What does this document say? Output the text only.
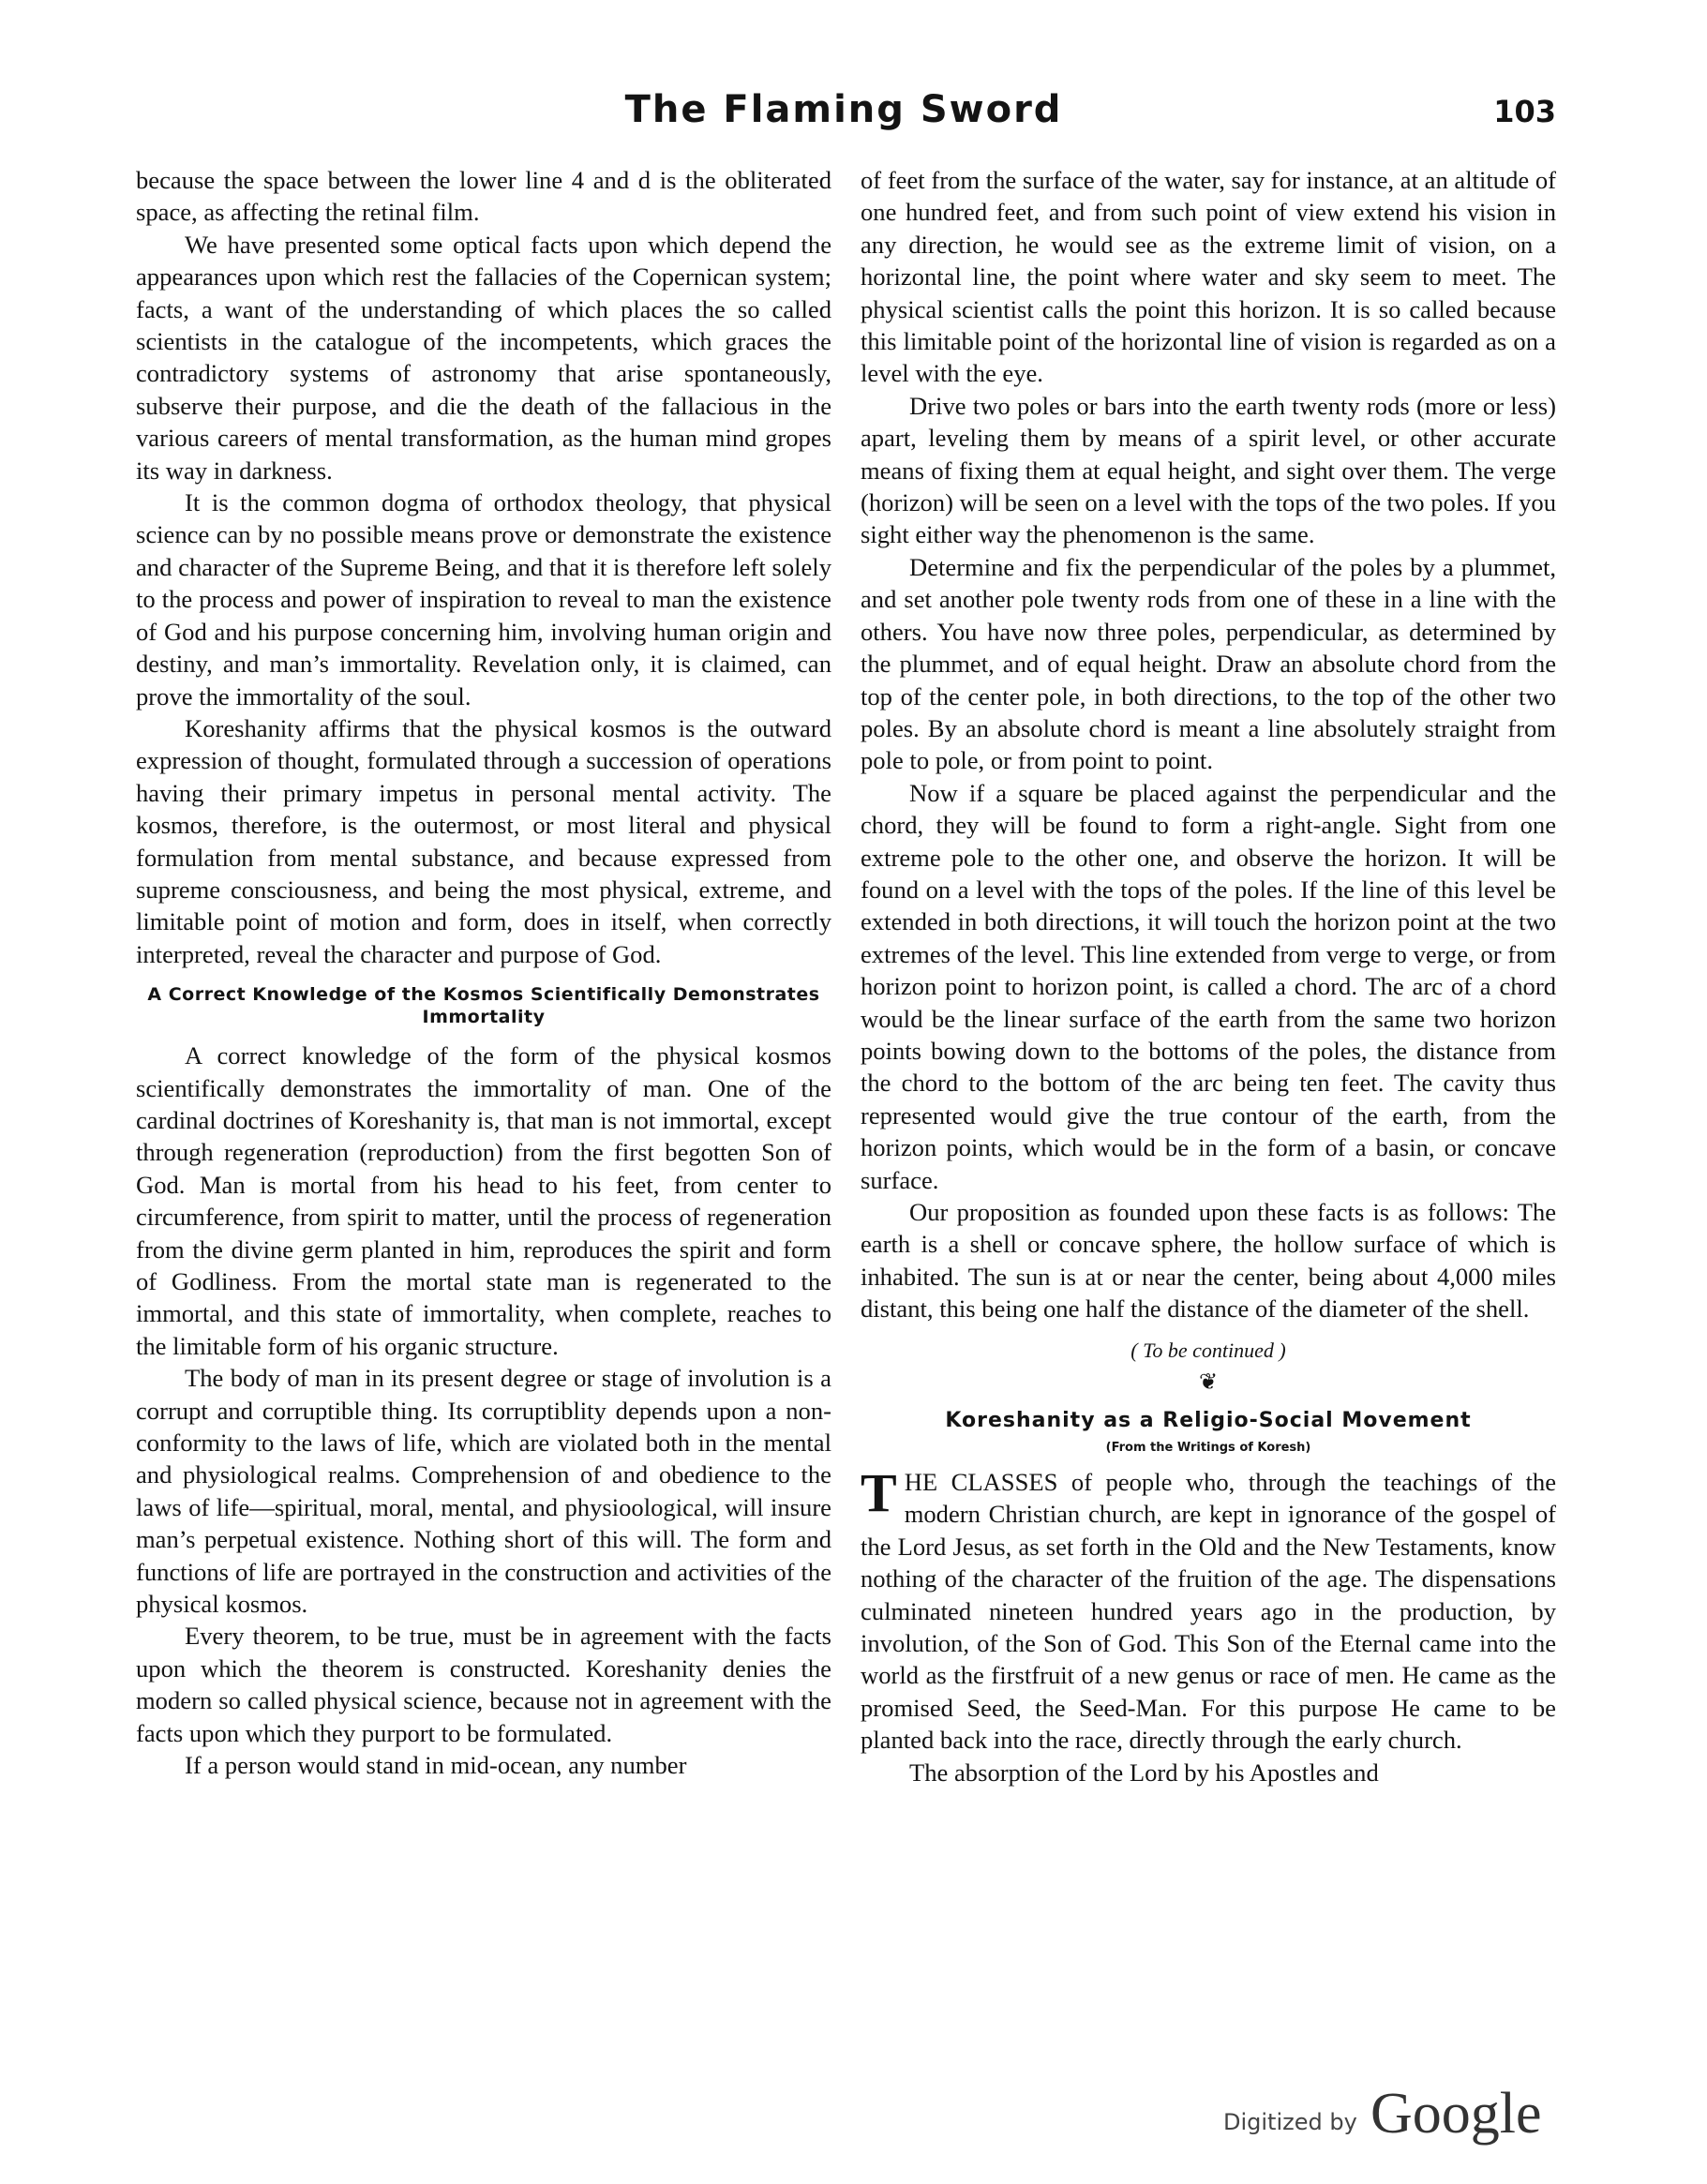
The Flaming Sword	103

because the space between the lower line 4 and d is the obliterated space, as affecting the retinal film.

We have presented some optical facts upon which depend the appearances upon which rest the fallacies of the Copernican system; facts, a want of the understanding of which places the so called scientists in the catalogue of the incompetents, which graces the contradictory systems of astronomy that arise spontaneously, subserve their purpose, and die the death of the fallacious in the various careers of mental transformation, as the human mind gropes its way in darkness.

It is the common dogma of orthodox theology, that physical science can by no possible means prove or demonstrate the existence and character of the Supreme Being, and that it is therefore left solely to the process and power of inspiration to reveal to man the existence of God and his purpose concerning him, involving human origin and destiny, and man’s immortality. Revelation only, it is claimed, can prove the immortality of the soul.

Koreshanity affirms that the physical kosmos is the outward expression of thought, formulated through a succession of operations having their primary impetus in personal mental activity. The kosmos, therefore, is the outermost, or most literal and physical formulation from mental substance, and because expressed from supreme consciousness, and being the most physical, extreme, and limitable point of motion and form, does in itself, when correctly interpreted, reveal the character and purpose of God.

A Correct Knowledge of the Kosmos Scientifically Demonstrates Immortality

A correct knowledge of the form of the physical kosmos scientifically demonstrates the immortality of man. One of the cardinal doctrines of Koreshanity is, that man is not immortal, except through regeneration (reproduction) from the first begotten Son of God. Man is mortal from his head to his feet, from center to circumference, from spirit to matter, until the process of regeneration from the divine germ planted in him, reproduces the spirit and form of Godliness. From the mortal state man is regenerated to the immortal, and this state of immortality, when complete, reaches to the limitable form of his organic structure.

The body of man in its present degree or stage of involution is a corrupt and corruptible thing. Its corruptiblity depends upon a non-conformity to the laws of life, which are violated both in the mental and physiological realms. Comprehension of and obedience to the laws of life—spiritual, moral, mental, and physioological, will insure man’s perpetual existence. Nothing short of this will. The form and functions of life are portrayed in the construction and activities of the physical kosmos.

Every theorem, to be true, must be in agreement with the facts upon which the theorem is constructed. Koreshanity denies the modern so called physical science, because not in agreement with the facts upon which they purport to be formulated.

If a person would stand in mid-ocean, any number

of feet from the surface of the water, say for instance, at an altitude of one hundred feet, and from such point of view extend his vision in any direction, he would see as the extreme limit of vision, on a horizontal line, the point where water and sky seem to meet. The physical scientist calls the point this horizon. It is so called because this limitable point of the horizontal line of vision is regarded as on a level with the eye.

Drive two poles or bars into the earth twenty rods (more or less) apart, leveling them by means of a spirit level, or other accurate means of fixing them at equal height, and sight over them. The verge (horizon) will be seen on a level with the tops of the two poles. If you sight either way the phenomenon is the same.

Determine and fix the perpendicular of the poles by a plummet, and set another pole twenty rods from one of these in a line with the others. You have now three poles, perpendicular, as determined by the plummet, and of equal height. Draw an absolute chord from the top of the center pole, in both directions, to the top of the other two poles. By an absolute chord is meant a line absolutely straight from pole to pole, or from point to point.

Now if a square be placed against the perpendicular and the chord, they will be found to form a right-angle. Sight from one extreme pole to the other one, and observe the horizon. It will be found on a level with the tops of the poles. If the line of this level be extended in both directions, it will touch the horizon point at the two extremes of the level. This line extended from verge to verge, or from horizon point to horizon point, is called a chord. The arc of a chord would be the linear surface of the earth from the same two horizon points bowing down to the bottoms of the poles, the distance from the chord to the bottom of the arc being ten feet. The cavity thus represented would give the true contour of the earth, from the horizon points, which would be in the form of a basin, or concave surface.

Our proposition as founded upon these facts is as follows: The earth is a shell or concave sphere, the hollow surface of which is inhabited. The sun is at or near the center, being about 4,000 miles distant, this being one half the distance of the diameter of the shell.

( To be continued )
❦
Koreshanity as a Religio-Social Movement
(From the Writings of Koresh)

THE CLASSES of people who, through the teachings of the modern Christian church, are kept in ignorance of the gospel of the Lord Jesus, as set forth in the Old and the New Testaments, know nothing of the character of the fruition of the age. The dispensations culminated nineteen hundred years ago in the production, by involution, of the Son of God. This Son of the Eternal came into the world as the firstfruit of a new genus or race of men. He came as the promised Seed, the Seed-Man. For this purpose He came to be planted back into the race, directly through the early church.

The absorption of the Lord by his Apostles and

Digitized by Google
